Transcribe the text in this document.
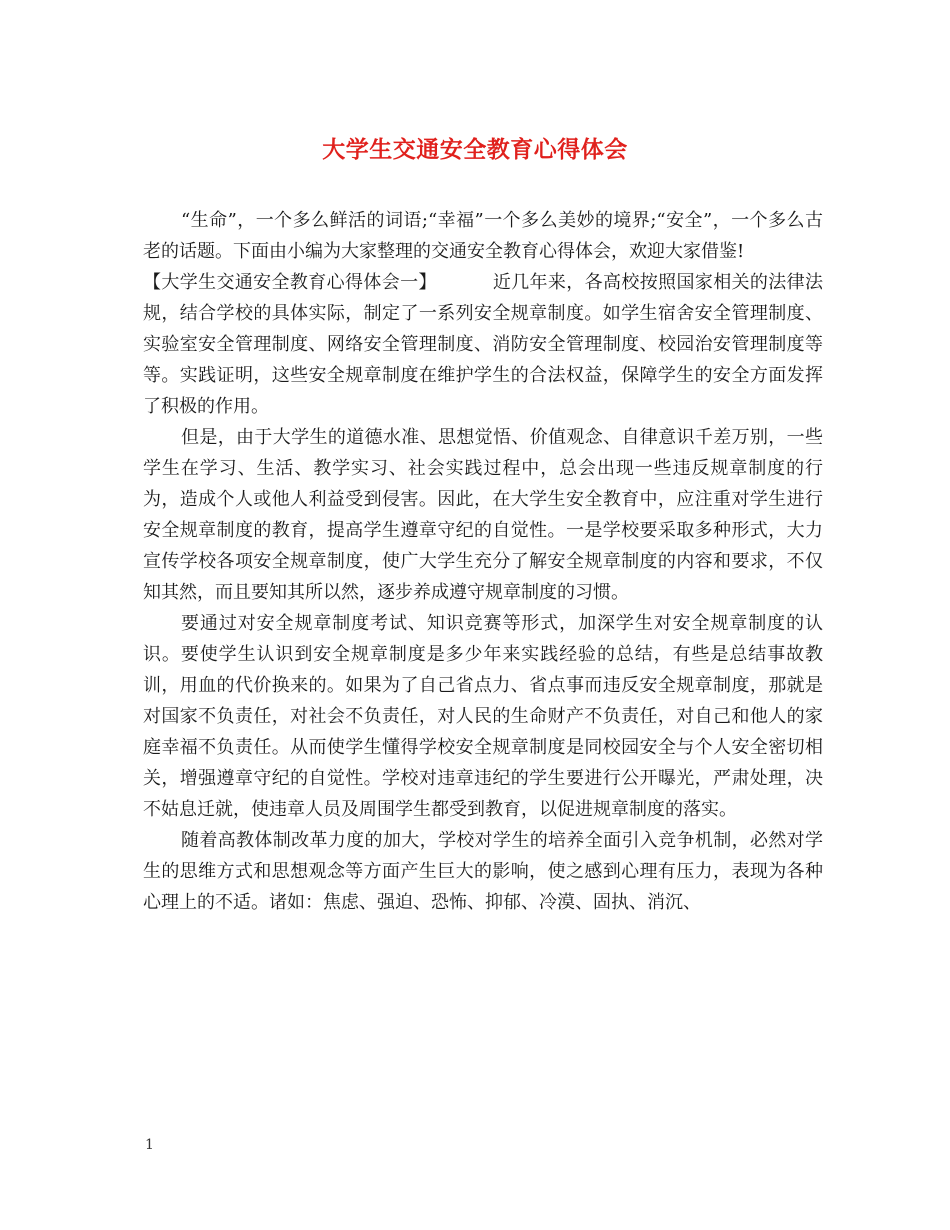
大学生交通安全教育心得体会

“生命”，一个多么鲜活的词语;“幸福”一个多么美妙的境界;“安全”，一个多么古老的话题。下面由小编为大家整理的交通安全教育心得体会，欢迎大家借鉴!

【大学生交通安全教育心得体会一】	近几年来，各高校按照国家相关的法律法规，结合学校的具体实际，制定了一系列安全规章制度。如学生宿舍安全管理制度、实验室安全管理制度、网络安全管理制度、消防安全管理制度、校园治安管理制度等等。实践证明，这些安全规章制度在维护学生的合法权益，保障学生的安全方面发挥了积极的作用。

但是，由于大学生的道德水准、思想觉悟、价值观念、自律意识千差万别，一些学生在学习、生活、教学实习、社会实践过程中，总会出现一些违反规章制度的行为，造成个人或他人利益受到侵害。因此，在大学生安全教育中，应注重对学生进行安全规章制度的教育，提高学生遵章守纪的自觉性。一是学校要采取多种形式，大力宣传学校各项安全规章制度，使广大学生充分了解安全规章制度的内容和要求，不仅知其然，而且要知其所以然，逐步养成遵守规章制度的习惯。

要通过对安全规章制度考试、知识竞赛等形式，加深学生对安全规章制度的认识。要使学生认识到安全规章制度是多少年来实践经验的总结，有些是总结事故教训，用血的代价换来的。如果为了自己省点力、省点事而违反安全规章制度，那就是对国家不负责任，对社会不负责任，对人民的生命财产不负责任，对自己和他人的家庭幸福不负责任。从而使学生懂得学校安全规章制度是同校园安全与个人安全密切相关，增强遵章守纪的自觉性。学校对违章违纪的学生要进行公开曝光，严肃处理，决不姑息迁就，使违章人员及周围学生都受到教育，以促进规章制度的落实。

随着高教体制改革力度的加大，学校对学生的培养全面引入竞争机制，必然对学生的思维方式和思想观念等方面产生巨大的影响，使之感到心理有压力，表现为各种心理上的不适。诸如：焦虑、强迫、恐怖、抑郁、冷漠、固执、消沉、

1
